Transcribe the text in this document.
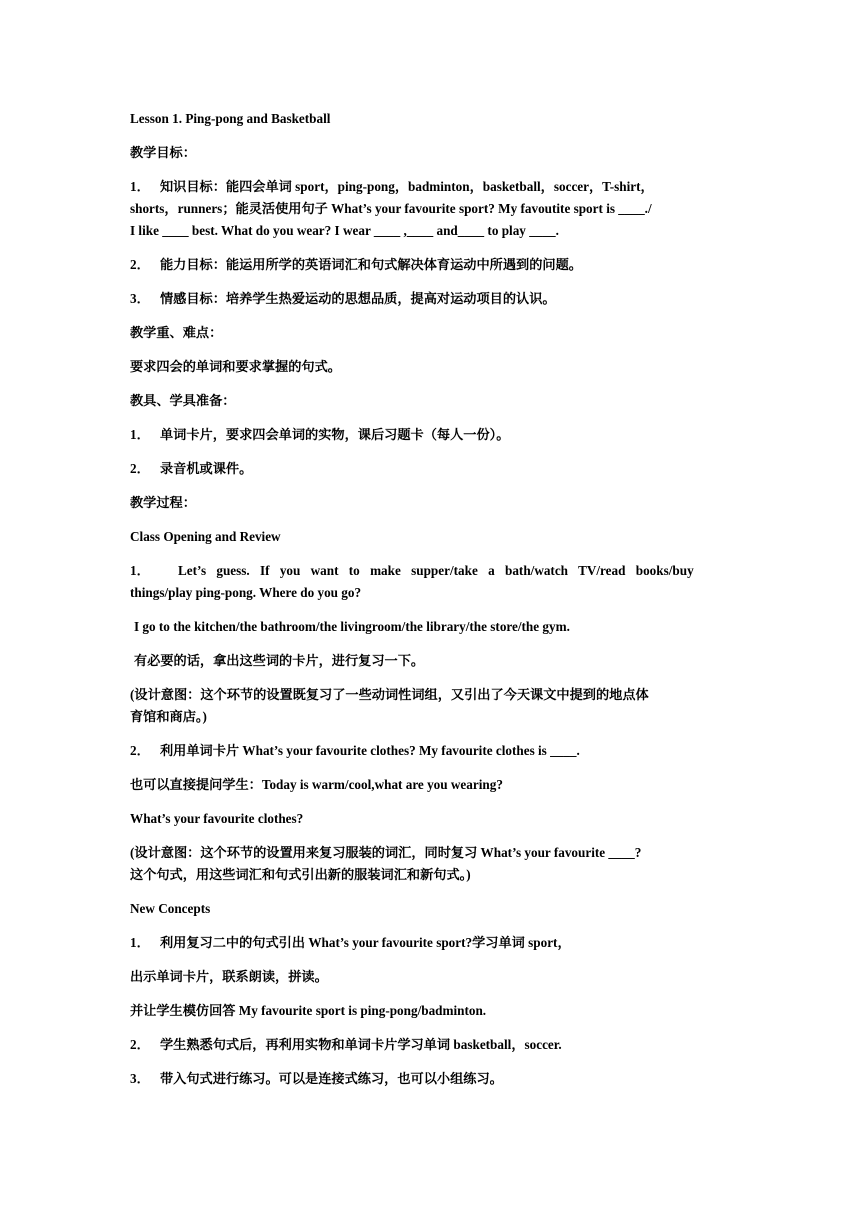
Lesson 1. Ping-pong and Basketball

教学目标：

1． 知识目标：能四会单词 sport，ping-pong，badminton，basketball，soccer，T-shirt，
shorts，runners；能灵活使用句子 What’s your favourite sport? My favoutite sport is ____./
I like ____ best. What do you wear? I wear ____ ,____ and____ to play ____.

2． 能力目标：能运用所学的英语词汇和句式解决体育运动中所遇到的问题。

3． 情感目标：培养学生热爱运动的思想品质，提高对运动项目的认识。

教学重、难点：

要求四会的单词和要求掌握的句式。

教具、学具准备：

1． 单词卡片，要求四会单词的实物，课后习题卡（每人一份）。

2． 录音机或课件。

教学过程：

Class Opening and Review

1． Let’s guess. If you want to make supper/take a bath/watch TV/read books/buy
things/play ping-pong. Where do you go?

I go to the kitchen/the bathroom/the livingroom/the library/the store/the gym.

有必要的话，拿出这些词的卡片，进行复习一下。

(设计意图：这个环节的设置既复习了一些动词性词组，又引出了今天课文中提到的地点体
育馆和商店。)

2． 利用单词卡片 What’s your favourite clothes? My favourite clothes is ____.

也可以直接提问学生：Today is warm/cool,what are you wearing?

What’s your favourite clothes?

(设计意图：这个环节的设置用来复习服装的词汇，同时复习 What’s your favourite ____?
这个句式，用这些词汇和句式引出新的服装词汇和新句式。)

New Concepts

1． 利用复习二中的句式引出 What’s your favourite sport?学习单词 sport，

出示单词卡片，联系朗读，拼读。

并让学生模仿回答 My favourite sport is ping-pong/badminton.

2． 学生熟悉句式后，再利用实物和单词卡片学习单词 basketball，soccer.

3． 带入句式进行练习。可以是连接式练习，也可以小组练习。
